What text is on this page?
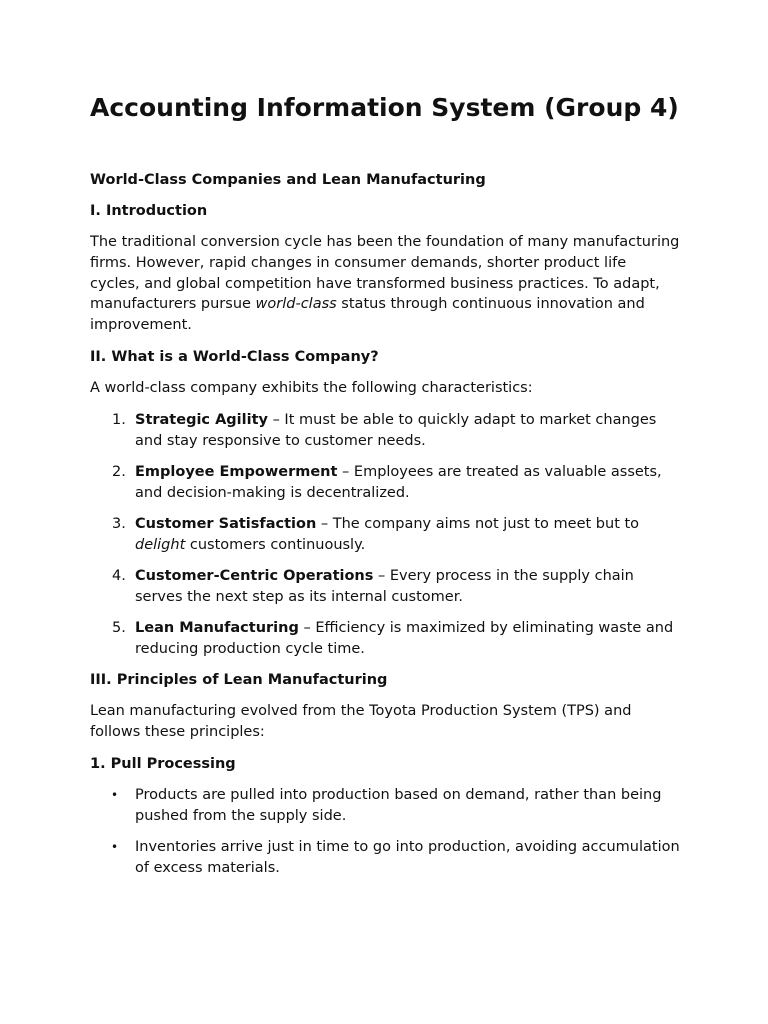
Accounting Information System (Group 4)
World-Class Companies and Lean Manufacturing
I. Introduction

The traditional conversion cycle has been the foundation of many manufacturing firms. However, rapid changes in consumer demands, shorter product life cycles, and global competition have transformed business practices. To adapt, manufacturers pursue world-class status through continuous innovation and improvement.

II. What is a World-Class Company?

A world-class company exhibits the following characteristics:

1. Strategic Agility – It must be able to quickly adapt to market changes and stay responsive to customer needs.
2. Employee Empowerment – Employees are treated as valuable assets, and decision-making is decentralized.
3. Customer Satisfaction – The company aims not just to meet but to delight customers continuously.
4. Customer-Centric Operations – Every process in the supply chain serves the next step as its internal customer.
5. Lean Manufacturing – Efficiency is maximized by eliminating waste and reducing production cycle time.
III. Principles of Lean Manufacturing

Lean manufacturing evolved from the Toyota Production System (TPS) and follows these principles:

1. Pull Processing
• Products are pulled into production based on demand, rather than being pushed from the supply side.
• Inventories arrive just in time to go into production, avoiding accumulation of excess materials.
